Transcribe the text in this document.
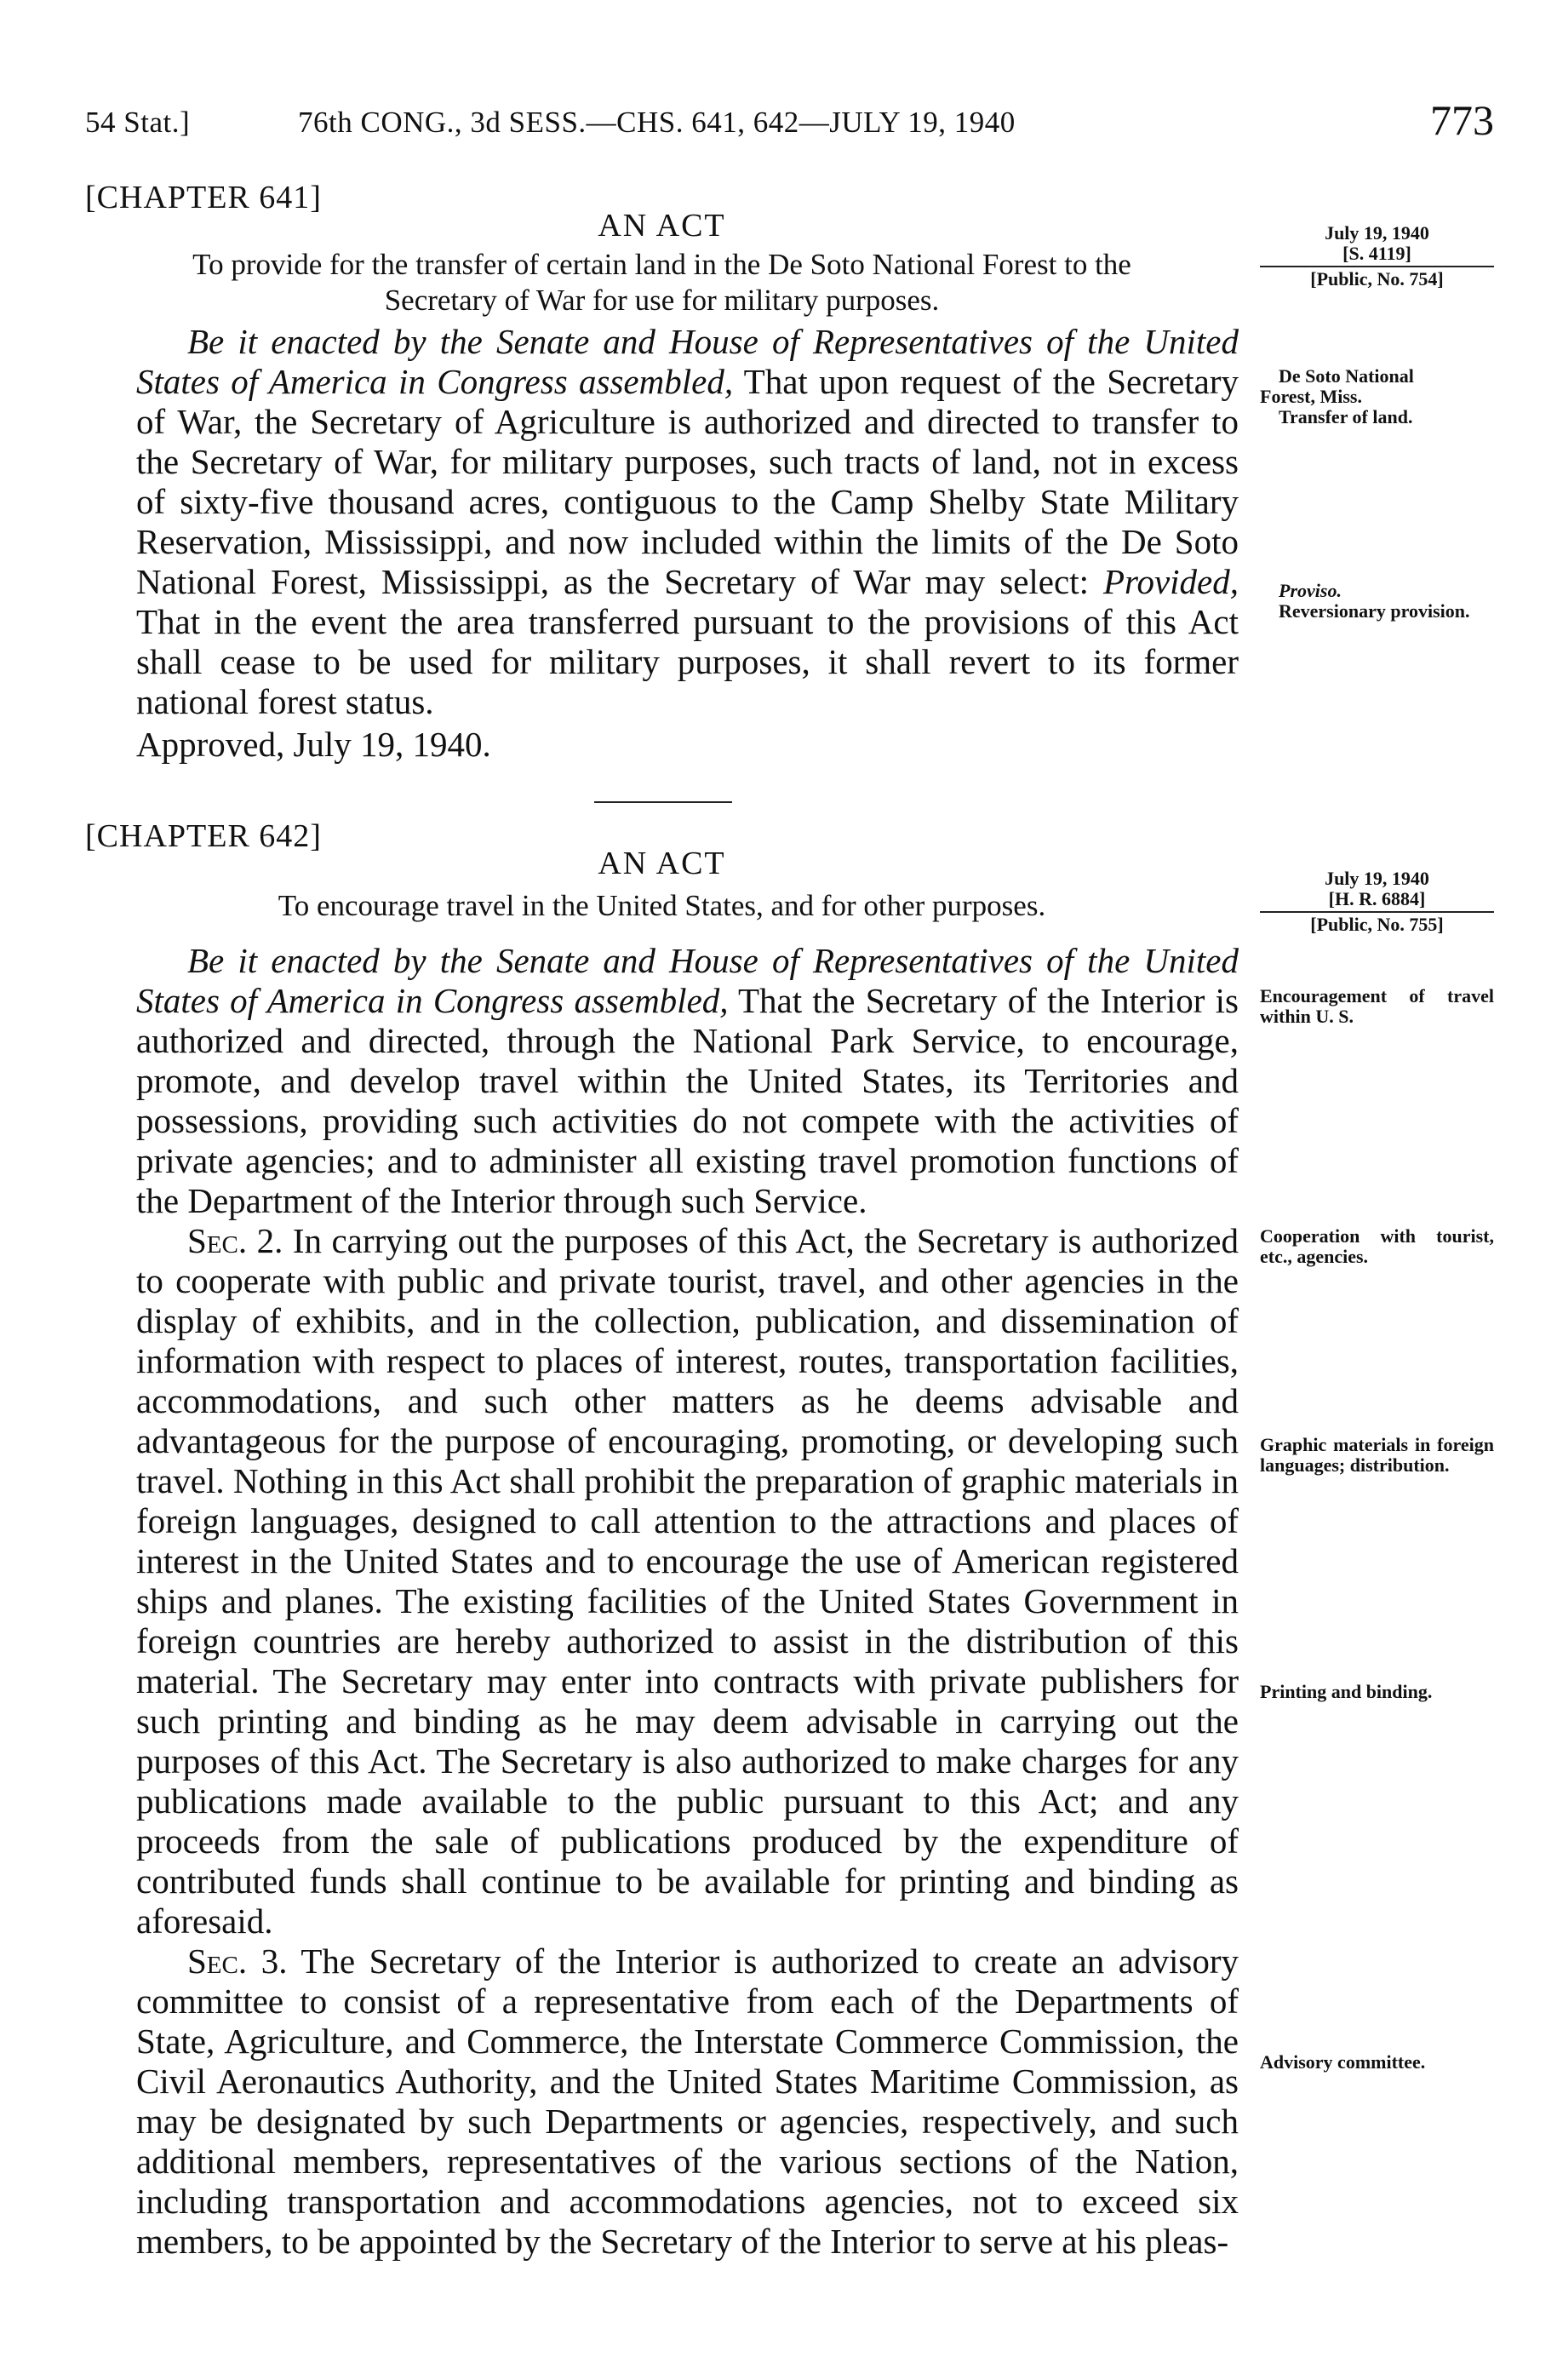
54 Stat.]	76th CONG., 3d SESS.—CHS. 641, 642—JULY 19, 1940	773
[CHAPTER 641]
AN ACT
To provide for the transfer of certain land in the De Soto National Forest to the
Secretary of War for use for military purposes.
July 19, 1940
[S. 4119]
[Public, No. 754]

Be it enacted by the Senate and House of Representatives of the United States of America in Congress assembled, That upon request of the Secretary of War, the Secretary of Agriculture is authorized and directed to transfer to the Secretary of War, for military purposes, such tracts of land, not in excess of sixty-five thousand acres, contiguous to the Camp Shelby State Military Reservation, Mississippi, and now included within the limits of the De Soto National Forest, Mississippi, as the Secretary of War may select: Provided, That in the event the area transferred pursuant to the provisions of this Act shall cease to be used for military purposes, it shall revert to its former national forest status.

Approved, July 19, 1940.
De Soto National
Forest, Miss.
Transfer of land.
Proviso.
Reversionary provision.
[CHAPTER 642]
AN ACT
To encourage travel in the United States, and for other purposes.
July 19, 1940
[H. R. 6884]
[Public, No. 755]

Be it enacted by the Senate and House of Representatives of the United States of America in Congress assembled, That the Secretary of the Interior is authorized and directed, through the National Park Service, to encourage, promote, and develop travel within the United States, its Territories and possessions, providing such activities do not compete with the activities of private agencies; and to administer all existing travel promotion functions of the Department of the Interior through such Service.

Sec. 2. In carrying out the purposes of this Act, the Secretary is authorized to cooperate with public and private tourist, travel, and other agencies in the display of exhibits, and in the collection, publication, and dissemination of information with respect to places of interest, routes, transportation facilities, accommodations, and such other matters as he deems advisable and advantageous for the purpose of encouraging, promoting, or developing such travel. Nothing in this Act shall prohibit the preparation of graphic materials in foreign languages, designed to call attention to the attractions and places of interest in the United States and to encourage the use of American registered ships and planes. The existing facilities of the United States Government in foreign countries are hereby authorized to assist in the distribution of this material. The Secretary may enter into contracts with private publishers for such printing and binding as he may deem advisable in carrying out the purposes of this Act. The Secretary is also authorized to make charges for any publications made available to the public pursuant to this Act; and any proceeds from the sale of publications produced by the expenditure of contributed funds shall continue to be available for printing and binding as aforesaid.

Sec. 3. The Secretary of the Interior is authorized to create an advisory committee to consist of a representative from each of the Departments of State, Agriculture, and Commerce, the Interstate Commerce Commission, the Civil Aeronautics Authority, and the United States Maritime Commission, as may be designated by such Departments or agencies, respectively, and such additional members, representatives of the various sections of the Nation, including transportation and accommodations agencies, not to exceed six members, to be appointed by the Secretary of the Interior to serve at his pleas-

Encouragement of travel within U. S.
Cooperation with tourist, etc., agencies.
Graphic materials in foreign languages; distribution.
Printing and binding.
Advisory committee.
